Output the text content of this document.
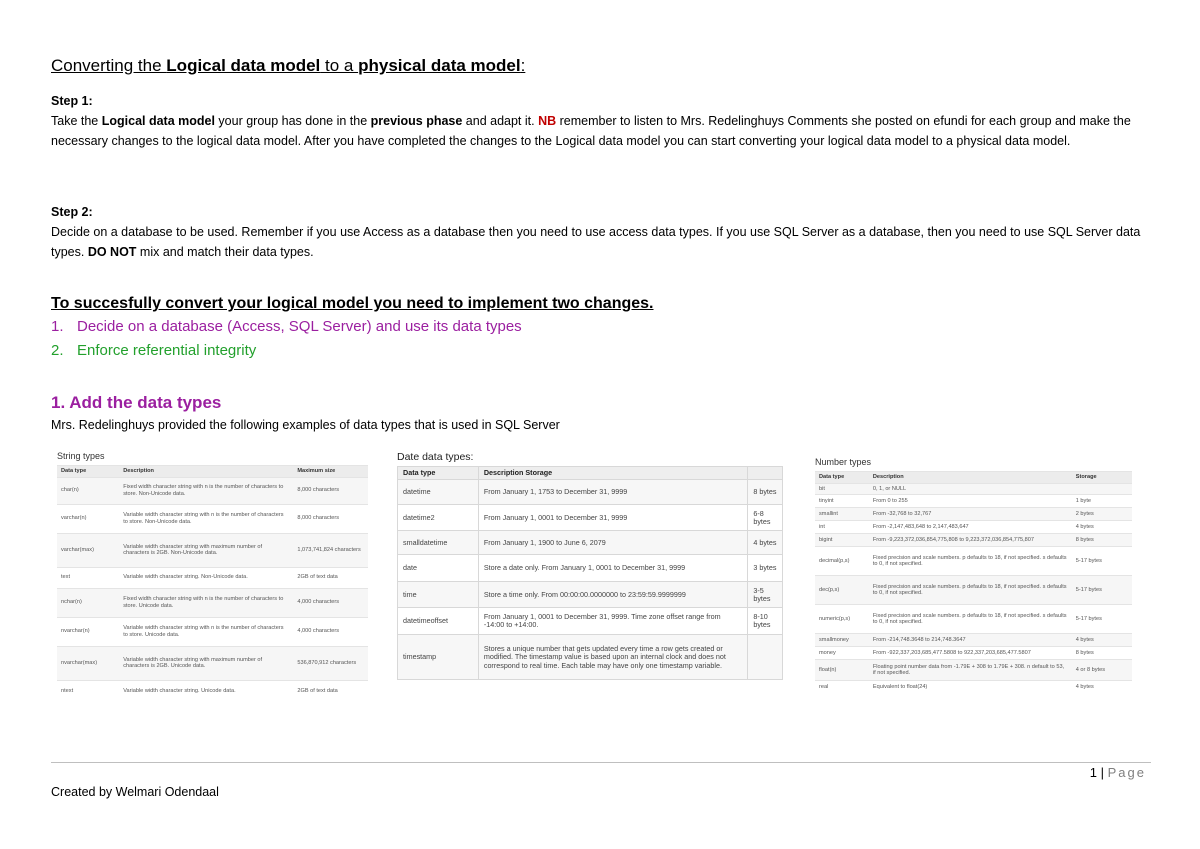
Converting the Logical data model to a physical data model:
Step 1:
Take the Logical data model your group has done in the previous phase and adapt it. NB remember to listen to Mrs. Redelinghuys Comments she posted on efundi for each group and make the necessary changes to the logical data model. After you have completed the changes to the Logical data model you can start converting your logical data model to a physical data model.
Step 2:
Decide on a database to be used. Remember if you use Access as a database then you need to use access data types. If you use SQL Server as a database, then you need to use SQL Server data types. DO NOT mix and match their data types.
To succesfully convert your logical model you need to implement two changes.
1. Decide on a database (Access, SQL Server) and use its data types
2. Enforce referential integrity
1. Add the data types
Mrs. Redelinghuys provided the following examples of data types that is used in SQL Server
String types
Data type	Description	Maximum size
char(n)	Fixed width character string with n is the number of characters to store. Non-Unicode data.	8,000 characters
varchar(n)	Variable width character string with n is the number of characters to store. Non-Unicode data.	8,000 characters
varchar(max)	Variable width character string with maximum number of characters is 2GB. Non-Unicode data.	1,073,741,824 characters
text	Variable width character string. Non-Unicode data.	2GB of text data
nchar(n)	Fixed width character string with n is the number of characters to store. Unicode data.	4,000 characters
nvarchar(n)	Variable width character string with n is the number of characters to store. Unicode data.	4,000 characters
nvarchar(max)	Variable width character string with maximum number of characters is 2GB. Unicode data.	536,870,912 characters
ntext	Variable width character string. Unicode data.	2GB of text data
Date data types:
Data type	Description Storage	
datetime	From January 1, 1753 to December 31, 9999	8 bytes
datetime2	From January 1, 0001 to December 31, 9999	6-8 bytes
smalldatetime	From January 1, 1900 to June 6, 2079	4 bytes
date	Store a date only. From January 1, 0001 to December 31, 9999	3 bytes
time	Store a time only. From 00:00:00.0000000 to 23:59:59.9999999	3-5 bytes
datetimeoffset	From January 1, 0001 to December 31, 9999. Time zone offset range from -14:00 to +14:00.	8-10 bytes
timestamp	Stores a unique number that gets updated every time a row gets created or modified. The timestamp value is based upon an internal clock and does not correspond to real time. Each table may have only one timestamp variable.	
Number types
Data type	Description	Storage
bit	0, 1, or NULL	
tinyint	From 0 to 255	1 byte
smallint	From -32,768 to 32,767	2 bytes
int	From -2,147,483,648 to 2,147,483,647	4 bytes
bigint	From -9,223,372,036,854,775,808 to 9,223,372,036,854,775,807	8 bytes
decimal(p,s)	Fixed precision and scale numbers. p defaults to 18, if not specified. s defaults to 0, if not specified.	5-17 bytes
dec(p,s)	Fixed precision and scale numbers. p defaults to 18, if not specified. s defaults to 0, if not specified.	5-17 bytes
numeric(p,s)	Fixed precision and scale numbers. p defaults to 18, if not specified. s defaults to 0, if not specified.	5-17 bytes
smallmoney	From -214,748.3648 to 214,748.3647	4 bytes
money	From -922,337,203,685,477.5808 to 922,337,203,685,477.5807	8 bytes
float(n)	Floating point number data from -1.79E + 308 to 1.79E + 308. n default to 53, if not specified.	4 or 8 bytes
real	Equivalent to float(24)	4 bytes
1 | Page
Created by Welmari Odendaal
